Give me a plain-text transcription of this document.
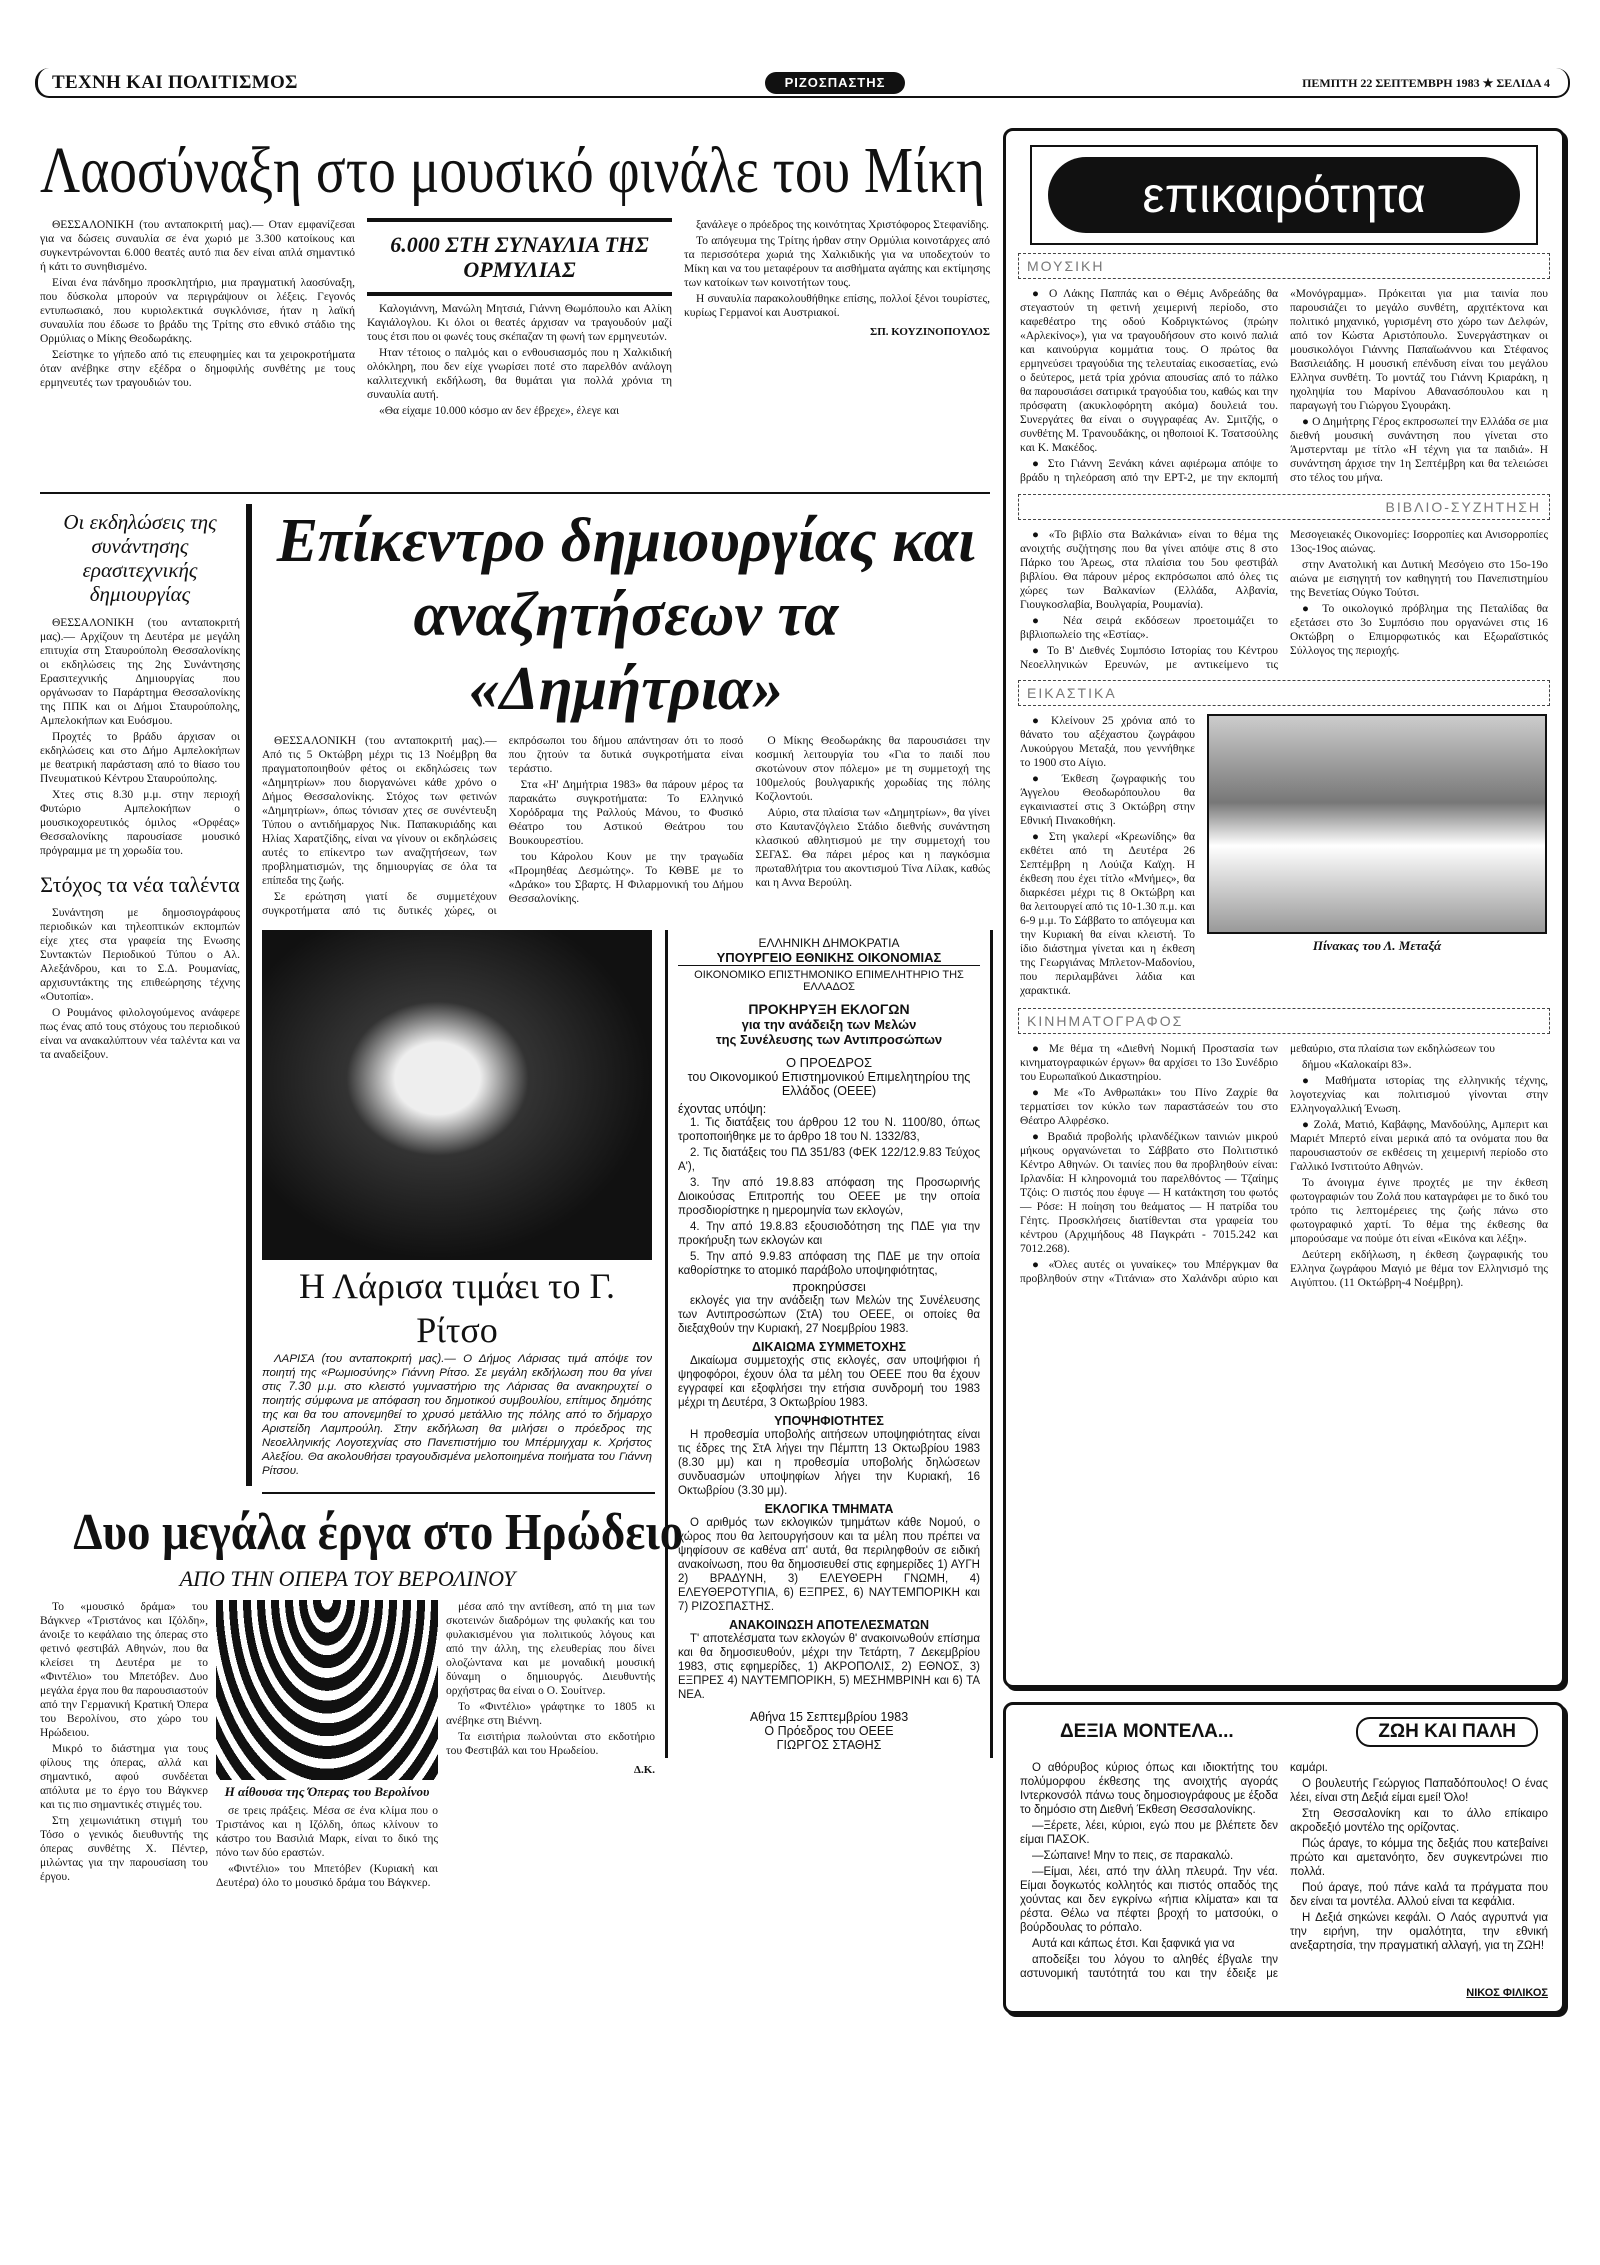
ΤΕΧΝΗ ΚΑΙ ΠΟΛΙΤΙΣΜΟΣ	ΡΙΖΟΣΠΑΣΤΗΣ	ΠΕΜΠΤΗ 22 ΣΕΠΤΕΜΒΡΗ 1983 ★ ΣΕΛΙΔΑ 4
Λαοσύναξη στο μουσικό φινάλε του Μίκη

ΘΕΣΣΑΛΟΝΙΚΗ (του ανταποκριτή μας).— Οταν εμφανίζεσαι για να δώσεις συναυλία σε ένα χωριό με 3.300 κατοίκους και συγκεντρώνονται 6.000 θεατές αυτό πια δεν είναι απλά σημαντικό ή κάτι το συνηθισμένο.

Είναι ένα πάνδημο προσκλητήριο, μια πραγματική λαοσύναξη, που δύσκολα μπορούν να περιγράψουν οι λέξεις. Γεγονός εντυπωσιακό, που κυριολεκτικά συγκλόνισε, ήταν η λαϊκή συναυλία που έδωσε το βράδυ της Τρίτης στο εθνικό στάδιο της Ορμύλιας ο Μίκης Θεοδωράκης.

Σείστηκε το γήπεδο από τις επευφημίες και τα χειροκροτήματα όταν ανέβηκε στην εξέδρα ο δημοφιλής συνθέτης με τους ερμηνευτές των τραγουδιών του.

6.000 ΣΤΗ ΣΥΝΑΥΛΙΑ ΤΗΣ ΟΡΜΥΛΙΑΣ

Καλογιάννη, Μανώλη Μητσιά, Γιάννη Θωμόπουλο και Αλίκη Καγιάλογλου. Κι όλοι οι θεατές άρχισαν να τραγουδούν μαζί τους έτσι που οι φωνές τους σκέπαζαν τη φωνή των ερμηνευτών.

Ηταν τέτοιος ο παλμός και ο ενθουσιασμός που η Χαλκιδική ολόκληρη, που δεν είχε γνωρίσει ποτέ στο παρελθόν ανάλογη καλλιτεχνική εκδήλωση, θα θυμάται για πολλά χρόνια τη συναυλία αυτή.

«Θα είχαμε 10.000 κόσμο αν δεν έβρεχε», έλεγε και

ξανάλεγε ο πρόεδρος της κοινότητας Χριστόφορος Στεφανίδης.

Το απόγευμα της Τρίτης ήρθαν στην Ορμύλια κοινοτάρχες από τα περισσότερα χωριά της Χαλκιδικής για να υποδεχτούν το Μίκη και να του μεταφέρουν τα αισθήματα αγάπης και εκτίμησης των κατοίκων των κοινοτήτων τους.

Η συναυλία παρακολουθήθηκε επίσης, πολλοί ξένοι τουρίστες, κυρίως Γερμανοί και Αυστριακοί.

ΣΠ. ΚΟΥΖΙΝΟΠΟΥΛΟΣ
Οι εκδηλώσεις της συνάντησης ερασιτεχνικής δημιουργίας

ΘΕΣΣΑΛΟΝΙΚΗ (του ανταποκριτή μας).— Αρχίζουν τη Δευτέρα με μεγάλη επιτυχία στη Σταυρούπολη Θεσσαλονίκης οι εκδηλώσεις της 2ης Συνάντησης Ερασιτεχνικής Δημιουργίας που οργάνωσαν το Παράρτημα Θεσσαλονίκης της ΠΠΚ και οι Δήμοι Σταυρούπολης, Αμπελοκήπων και Ευόσμου.

Προχτές το βράδυ άρχισαν οι εκδηλώσεις και στο Δήμο Αμπελοκήπων με θεατρική παράσταση από το θίασο του Πνευματικού Κέντρου Σταυρούπολης.

Χτες στις 8.30 μ.μ. στην περιοχή Φυτώριο Αμπελοκήπων ο μουσικοχορευτικός όμιλος «Ορφέας» Θεσσαλονίκης παρουσίασε μουσικό πρόγραμμα με τη χορωδία του.

Στόχος τα νέα ταλέντα

Συνάντηση με δημοσιογράφους περιοδικών και τηλεοπτικών εκπομπών είχε χτες στα γραφεία της Ενωσης Συντακτών Περιοδικού Τύπου ο Αλ. Αλεξάνδρου, και το Σ.Δ. Ρουμανίας, αρχισυντάκτης της επιθεώρησης τέχνης «Ουτοπία».

Ο Ρουμάνος φιλολογούμενος ανάφερε πως ένας από τους στόχους του περιοδικού είναι να ανακαλύπτουν νέα ταλέντα και να τα αναδείξουν.

Επίκεντρο δημιουργίας και αναζητήσεων τα «Δημήτρια»

ΘΕΣΣΑΛΟΝΙΚΗ (του ανταποκριτή μας).— Από τις 5 Οκτώβρη μέχρι τις 13 Νοέμβρη θα πραγματοποιηθούν φέτος οι εκδηλώσεις των «Δημητρίων» που διοργανώνει κάθε χρόνο ο Δήμος Θεσσαλονίκης. Στόχος των φετινών «Δημητρίων», όπως τόνισαν χτες σε συνέντευξη Τύπου ο αντιδήμαρχος Νικ. Παπακυριάδης και Ηλίας Χαρατζίδης, είναι να γίνουν οι εκδηλώσεις αυτές το επίκεντρο των αναζητήσεων, των προβληματισμών, της δημιουργίας σε όλα τα επίπεδα της ζωής.

Σε ερώτηση γιατί δε συμμετέχουν συγκροτήματα από τις δυτικές χώρες, οι εκπρόσωποι του δήμου απάντησαν ότι το ποσό που ζητούν τα δυτικά συγκροτήματα είναι τεράστιο.

Στα «Η' Δημήτρια 1983» θα πάρουν μέρος τα παρακάτω συγκροτήματα: Το Ελληνικό Χορόδραμα της Ραλλούς Μάνου, το Φυσικό Θέατρο του Αστικού Θεάτρου του Βουκουρεστίου.

του Κάρολου Κουν με την τραγωδία «Προμηθέας Δεσμώτης». Το ΚΘΒΕ με το «Δράκο» του Σβαρτς. Η Φιλαρμονική του Δήμου Θεσσαλονίκης.

Ο Μίκης Θεοδωράκης θα παρουσιάσει την κοσμική λειτουργία του «Για το παιδί που σκοτώνουν στον πόλεμο» με τη συμμετοχή της 100μελούς βουλγαρικής χορωδίας της πόλης Κοζλοντούι.

Αύριο, στα πλαίσια των «Δημητρίων», θα γίνει στο Καυτανζόγλειο Στάδιο διεθνής συνάντηση κλασικού αθλητισμού με την συμμετοχή του ΣΕΓΑΣ. Θα πάρει μέρος και η παγκόσμια πρωταθλήτρια του ακοντισμού Τίνα Λίλακ, καθώς και η Αννα Βερούλη.

Η Λάρισα τιμάει το Γ. Ρίτσο

ΛΑΡΙΣΑ (του ανταποκριτή μας).— Ο Δήμος Λάρισας τιμά απόψε τον ποιητή της «Ρωμιοσύνης» Γιάννη Ρίτσο. Σε μεγάλη εκδήλωση που θα γίνει στις 7.30 μ.μ. στο κλειστό γυμναστήριο της Λάρισας θα ανακηρυχτεί ο ποιητής σύμφωνα με απόφαση του δημοτικού συμβουλίου, επίτιμος δημότης της και θα του απονεμηθεί το χρυσό μετάλλιο της πόλης από το δήμαρχο Αριστείδη Λαμπρούλη. Στην εκδήλωση θα μιλήσει ο πρόεδρος της Νεοελληνικής Λογοτεχνίας στο Πανεπιστήμιο του Μπέρμιγχαμ κ. Χρήστος Αλεξίου. Θα ακολουθήσει τραγουδισμένα μελοποιημένα ποιήματα του Γιάννη Ρίτσου.

Δυο μεγάλα έργα στο Ηρώδειο
ΑΠΟ ΤΗΝ ΟΠΕΡΑ ΤΟΥ ΒΕΡΟΛΙΝΟΥ

Το «μουσικό δράμα» του Βάγκνερ «Τριστάνος και Ιζόλδη», άνοιξε το κεφάλαιο της όπερας στο φετινό φεστιβάλ Αθηνών, που θα κλείσει τη Δευτέρα με το «Φιντέλιο» του Μπετόβεν. Δυο μεγάλα έργα που θα παρουσιαστούν από την Γερμανική Κρατική Όπερα του Βερολίνου, στο χώρο του Ηρώδειου.

Μικρό το διάστημα για τους φίλους της όπερας, αλλά και σημαντικό, αφού συνδέεται απόλυτα με το έργο του Βάγκνερ και τις πιο σημαντικές στιγμές του.

Στη χειμωνιάτικη στιγμή του Τόσο ο γενικός διευθυντής της όπερας συνθέτης Χ. Πέντερ, μιλώντας για την παρουσίαση του έργου.

Η αίθουσα της Όπερας του Βερολίνου

σε τρεις πράξεις. Μέσα σε ένα κλίμα που ο Τριστάνος και η Ιζόλδη, όπως κλίνουν το κάστρο του Βασιλιά Μαρκ, είναι το δικό της πόνο των δύο εραστών.

«Φιντέλιο» του Μπετόβεν (Κυριακή και Δευτέρα) όλο το μουσικό δράμα του Βάγκνερ.

μέσα από την αντίθεση, από τη μια των σκοτεινών διαδρόμων της φυλακής και του φυλακισμένου για πολιτικούς λόγους και από την άλλη, της ελευθερίας που δίνει ολοζώντανα και με μοναδική μουσική δύναμη ο δημιουργός. Διευθυντής ορχήστρας θα είναι ο Ο. Σουίτνερ.

Το «Φιντέλιο» γράφτηκε το 1805 κι ανέβηκε στη Βιέννη.

Τα εισιτήρια πωλούνται στο εκδοτήριο του Φεστιβάλ και του Ηρωδείου.

Δ.Κ.
ΕΛΛΗΝΙΚΗ ΔΗΜΟΚΡΑΤΙΑ
ΥΠΟΥΡΓΕΙΟ ΕΘΝΙΚΗΣ ΟΙΚΟΝΟΜΙΑΣ
ΟΙΚΟΝΟΜΙΚΟ ΕΠΙΣΤΗΜΟΝΙΚΟ ΕΠΙΜΕΛΗΤΗΡΙΟ ΤΗΣ ΕΛΛΑΔΟΣ
ΠΡΟΚΗΡΥΞΗ ΕΚΛΟΓΩΝ
για την ανάδειξη των Μελών
της Συνέλευσης των Αντιπροσώπων
Ο ΠΡΟΕΔΡΟΣ
του Οικονομικού Επιστημονικού Επιμελητηρίου της Ελλάδος (ΟΕΕΕ)
έχοντας υπόψη:

1. Τις διατάξεις του άρθρου 12 του Ν. 1100/80, όπως τροποποιήθηκε με το άρθρο 18 του Ν. 1332/83,

2. Τις διατάξεις του ΠΔ 351/83 (ΦΕΚ 122/12.9.83 Τεύχος Α'),

3. Την από 19.8.83 απόφαση της Προσωρινής Διοικούσας Επιτροπής του ΟΕΕΕ με την οποία προσδιορίστηκε η ημερομηνία των εκλογών,

4. Την από 19.8.83 εξουσιοδότηση της ΠΔΕ για την προκήρυξη των εκλογών και

5. Την από 9.9.83 απόφαση της ΠΔΕ με την οποία καθορίστηκε το ατομικό παράβολο υποψηφιότητας,

προκηρύσσει

εκλογές για την ανάδειξη των Μελών της Συνέλευσης των Αντιπροσώπων (ΣτΑ) του ΟΕΕΕ, οι οποίες θα διεξαχθούν την Κυριακή, 27 Νοεμβρίου 1983.

ΔΙΚΑΙΩΜΑ ΣΥΜΜΕΤΟΧΗΣ

Δικαίωμα συμμετοχής στις εκλογές, σαν υποψήφιοι ή ψηφοφόροι, έχουν όλα τα μέλη του ΟΕΕΕ που θα έχουν εγγραφεί και εξοφλήσει την ετήσια συνδρομή του 1983 μέχρι τη Δευτέρα, 3 Οκτωβρίου 1983.

ΥΠΟΨΗΦΙΟΤΗΤΕΣ

Η προθεσμία υποβολής αιτήσεων υποψηφιότητας είναι τις έδρες της ΣτΑ λήγει την Πέμπτη 13 Οκτωβρίου 1983 (8.30 μμ) και η προθεσμία υποβολής δηλώσεων συνδυασμών υποψηφίων λήγει την Κυριακή, 16 Οκτωβρίου (3.30 μμ).

ΕΚΛΟΓΙΚΑ ΤΜΗΜΑΤΑ

Ο αριθμός των εκλογικών τμημάτων κάθε Νομού, ο χώρος που θα λειτουργήσουν και τα μέλη που πρέπει να ψηφίσουν σε καθένα απ' αυτά, θα περιληφθούν σε ειδική ανακοίνωση, που θα δημοσιευθεί στις εφημερίδες 1) ΑΥΓΗ 2) ΒΡΑΔΥΝΗ, 3) ΕΛΕΥΘΕΡΗ ΓΝΩΜΗ, 4) ΕΛΕΥΘΕΡΟΤΥΠΙΑ, 6) ΕΞΠΡΕΣ, 6) ΝΑΥΤΕΜΠΟΡΙΚΗ και 7) ΡΙΖΟΣΠΑΣΤΗΣ.

ΑΝΑΚΟΙΝΩΣΗ ΑΠΟΤΕΛΕΣΜΑΤΩΝ

Τ' αποτελέσματα των εκλογών θ' ανακοινωθούν επίσημα και θα δημοσιευθούν, μέχρι την Τετάρτη, 7 Δεκεμβρίου 1983, στις εφημερίδες, 1) ΑΚΡΟΠΟΛΙΣ, 2) ΕΘΝΟΣ, 3) ΕΞΠΡΕΣ 4) ΝΑΥΤΕΜΠΟΡΙΚΗ, 5) ΜΕΣΗΜΒΡΙΝΗ και 6) ΤΑ ΝΕΑ.

Αθήνα 15 Σεπτεμβρίου 1983
Ο Πρόεδρος του ΟΕΕΕ
ΓΙΩΡΓΟΣ ΣΤΑΘΗΣ
επικαιρότητα
ΜΟΥΣΙΚΗ

● Ο Λάκης Παππάς και ο Θέμις Ανδρεάδης θα στεγαστούν τη φετινή χειμερινή περίοδο, στο καφεθέατρο της οδού Κοδριγκτώνος (πρώην «Αρλεκίνος»), για να τραγουδήσουν στο κοινό παλιά και καινούργια κομμάτια τους. Ο πρώτος θα ερμηνεύσει τραγούδια της τελευταίας εικοσαετίας, ενώ ο δεύτερος, μετά τρία χρόνια απουσίας από το πάλκο θα παρουσιάσει σατιρικά τραγούδια του, καθώς και την πρόσφατη (ακυκλοφόρητη ακόμα) δουλειά του. Συνεργάτες θα είναι ο συγγραφέας Αν. Σμιτζής, ο συνθέτης Μ. Τρανουδάκης, οι ηθοποιοί Κ. Τσατσούλης και Κ. Μακέδος.

● Στο Γιάννη Ξενάκη κάνει αφιέρωμα απόψε το βράδυ η τηλεόραση από την ΕΡΤ-2, με την εκπομπή «Μονόγραμμα». Πρόκειται για μια ταινία που παρουσιάζει το μεγάλο συνθέτη, αρχιτέκτονα και πολιτικό μηχανικό, γυρισμένη στο χώρο των Δελφών, από τον Κώστα Αριστόπουλο. Συνεργάστηκαν οι μουσικολόγοι Γιάννης Παπαϊωάννου και Στέφανος Βασιλειάδης. Η μουσική επένδυση είναι του μεγάλου Ελληνα συνθέτη. Το μοντάζ του Γιάννη Κριαράκη, η ηχοληψία του Μαρίνου Αθανασόπουλου και η παραγωγή του Γιώργου Σγουράκη.

● Ο Δημήτρης Γέρος εκπροσωπεί την Ελλάδα σε μια διεθνή μουσική συνάντηση που γίνεται στο Άμστερνταμ με τίτλο «Η τέχνη για τα παιδιά». Η συνάντηση άρχισε την 1η Σεπτέμβρη και θα τελειώσει στο τέλος του μήνα.

ΒΙΒΛΙΟ-ΣΥΖΗΤΗΣΗ

● «Το βιβλίο στα Βαλκάνια» είναι το θέμα της ανοιχτής συζήτησης που θα γίνει απόψε στις 8 στο Πάρκο του Άρεως, στα πλαίσια του 5ου φεστιβάλ βιβλίου. Θα πάρουν μέρος εκπρόσωποι από όλες τις χώρες των Βαλκανίων (Ελλάδα, Αλβανία, Γιουγκοσλαβία, Βουλγαρία, Ρουμανία).

● Νέα σειρά εκδόσεων προετοιμάζει το βιβλιοπωλείο της «Εστίας».

● Το Β' Διεθνές Συμπόσιο Ιστορίας του Κέντρου Νεοελληνικών Ερευνών, με αντικείμενο τις Μεσογειακές Οικονομίες: Ισορροπίες και Ανισορροπίες 13ος-19ος αιώνας.

στην Ανατολική και Δυτική Μεσόγειο στο 15ο-19ο αιώνα με εισηγητή τον καθηγητή του Πανεπιστημίου της Βενετίας Ούγκο Τούτσι.

● Το οικολογικό πρόβλημα της Πεταλίδας θα εξετάσει στο 3ο Συμπόσιο που οργανώνει στις 16 Οκτώβρη ο Επιμορφωτικός και Εξωραϊστικός Σύλλογος της περιοχής.

ΕΙΚΑΣΤΙΚΑ

● Κλείνουν 25 χρόνια από το θάνατο του αξέχαστου ζωγράφου Λυκούργου Μεταξά, που γεννήθηκε το 1900 στο Αίγιο.

● Έκθεση ζωγραφικής του Άγγελου Θεοδωρόπουλου θα εγκαινιαστεί στις 3 Οκτώβρη στην Εθνική Πινακοθήκη.

● Στη γκαλερί «Κρεωνίδης» θα εκθέτει από τη Δευτέρα 26 Σεπτέμβρη η Λούιζα Καϊχη. Η έκθεση που έχει τίτλο «Μνήμες», θα διαρκέσει μέχρι τις 8 Οκτώβρη και θα λειτουργεί από τις 10-1.30 π.μ. και 6-9 μ.μ. Το Σάββατο το απόγευμα και την Κυριακή θα είναι κλειστή. Το ίδιο διάστημα γίνεται και η έκθεση της Γεωργιάνας Μπλετον-Μαδονίου, που περιλαμβάνει λάδια και χαρακτικά.

Πίνακας του Λ. Μεταξά
ΚΙΝΗΜΑΤΟΓΡΑΦΟΣ

● Με θέμα τη «Διεθνή Νομική Προστασία των κινηματογραφικών έργων» θα αρχίσει το 13ο Συνέδριο του Ευρωπαϊκού Δικαστηρίου.

● Με «Το Ανθρωπάκι» του Πίνο Ζαχρίε θα τερματίσει τον κύκλο των παραστάσεών του στο Θέατρο Αλφρέσκο.

● Βραδιά προβολής ιρλανδέζικων ταινιών μικρού μήκους οργανώνεται το Σάββατο στο Πολιτιστικό Κέντρο Αθηνών. Οι ταινίες που θα προβληθούν είναι: Ιρλανδία: Η κληρονομιά του παρελθόντος — Τζαίημς Τζόις: Ο πιστός που έφυγε — Η κατάκτηση του φωτός — Ρόσε: Η ποίηση του θεάματος — Η πατρίδα του Γέητς. Προσκλήσεις διατίθενται στα γραφεία του κέντρου (Αρχιμήδους 48 Παγκράτι - 7015.242 και 7012.268).

● «Όλες αυτές οι γυναίκες» του Μπέργκμαν θα προβληθούν στην «Τιτάνια» στο Χαλάνδρι αύριο και μεθαύριο, στα πλαίσια των εκδηλώσεων του

δήμου «Καλοκαίρι 83».

● Μαθήματα ιστορίας της ελληνικής τέχνης, λογοτεχνίας και πολιτισμού γίνονται στην Ελληνογαλλική Ένωση.

● Ζολά, Ματιό, Καβάφης, Μανδούλης, Αμπεριτ και Μαριέτ Μπερτό είναι μερικά από τα ονόματα που θα παρουσιαστούν σε εκθέσεις τη χειμερινή περίοδο στο Γαλλικό Ινστιτούτο Αθηνών.

Το άνοιγμα έγινε προχτές με την έκθεση φωτογραφιών του Ζολά που καταγράφει με το δικό του τρόπο τις λεπτομέρειες της ζωής πάνω στο φωτογραφικό χαρτί. Το θέμα της έκθεσης θα μπορούσαμε να πούμε ότι είναι «Εικόνα και λέξη».

Δεύτερη εκδήλωση, η έκθεση ζωγραφικής του Ελληνα ζωγράφου Μαγιό με θέμα τον Ελληνισμό της Αιγύπτου. (11 Οκτώβρη-4 Νοέμβρη).

ΔΕΞΙΑ ΜΟΝΤΕΛΑ...	ΖΩΗ ΚΑΙ ΠΑΛΗ

Ο αθόρυβος κύριος όπως και ιδιοκτήτης του πολύμορφου έκθεσης της ανοιχτής αγοράς Ιντερκονσόλ πάνω τους δημοσιογράφους με έξοδα το δημόσιο στη Διεθνή Έκθεση Θεσσαλονίκης.

—Ξέρετε, λέει, κύριοι, εγώ που με βλέπετε δεν είμαι ΠΑΣΟΚ.

—Σώπαινε! Μην το πεις, σε παρακαλώ.

—Είμαι, λέει, από την άλλη πλευρά. Την νέα. Είμαι δογκωτός κολλητός και πιστός οπαδός της χούντας και δεν εγκρίνω «ήπια κλίματα» και τα ρέστα. Θέλω να πέφτει βροχή το ματσούκι, ο βούρδουλας το ρόπαλο.

Αυτά και κάπως έτσι. Και ξαφνικά για να

αποδείξει του λόγου το αληθές έβγαλε την αστυνομική ταυτότητά του και την έδειξε με καμάρι.

Ο βουλευτής Γεώργιος Παπαδόπουλος! Ο ένας λέει, είναι στη Δεξιά είμαι εμεί! Όλο!

Στη Θεσσαλονίκη και το άλλο επίκαιρο ακροδεξιό μοντέλο της ορίζοντας.

Πώς άραγε, το κόμμα της δεξιάς που κατεβαίνει πρώτο και αμετανόητο, δεν συγκεντρώνει πιο πολλά.

Πού άραγε, πού πάνε καλά τα πράγματα που δεν είναι τα μοντέλα. Αλλού είναι τα κεφάλια.

Η Δεξιά σηκώνει κεφάλι. Ο Λαός αγρυπνά για την ειρήνη, την ομαλότητα, την εθνική ανεξαρτησία, την πραγματική αλλαγή, για τη ΖΩΗ!

ΝΙΚΟΣ ΦΙΛΙΚΟΣ
